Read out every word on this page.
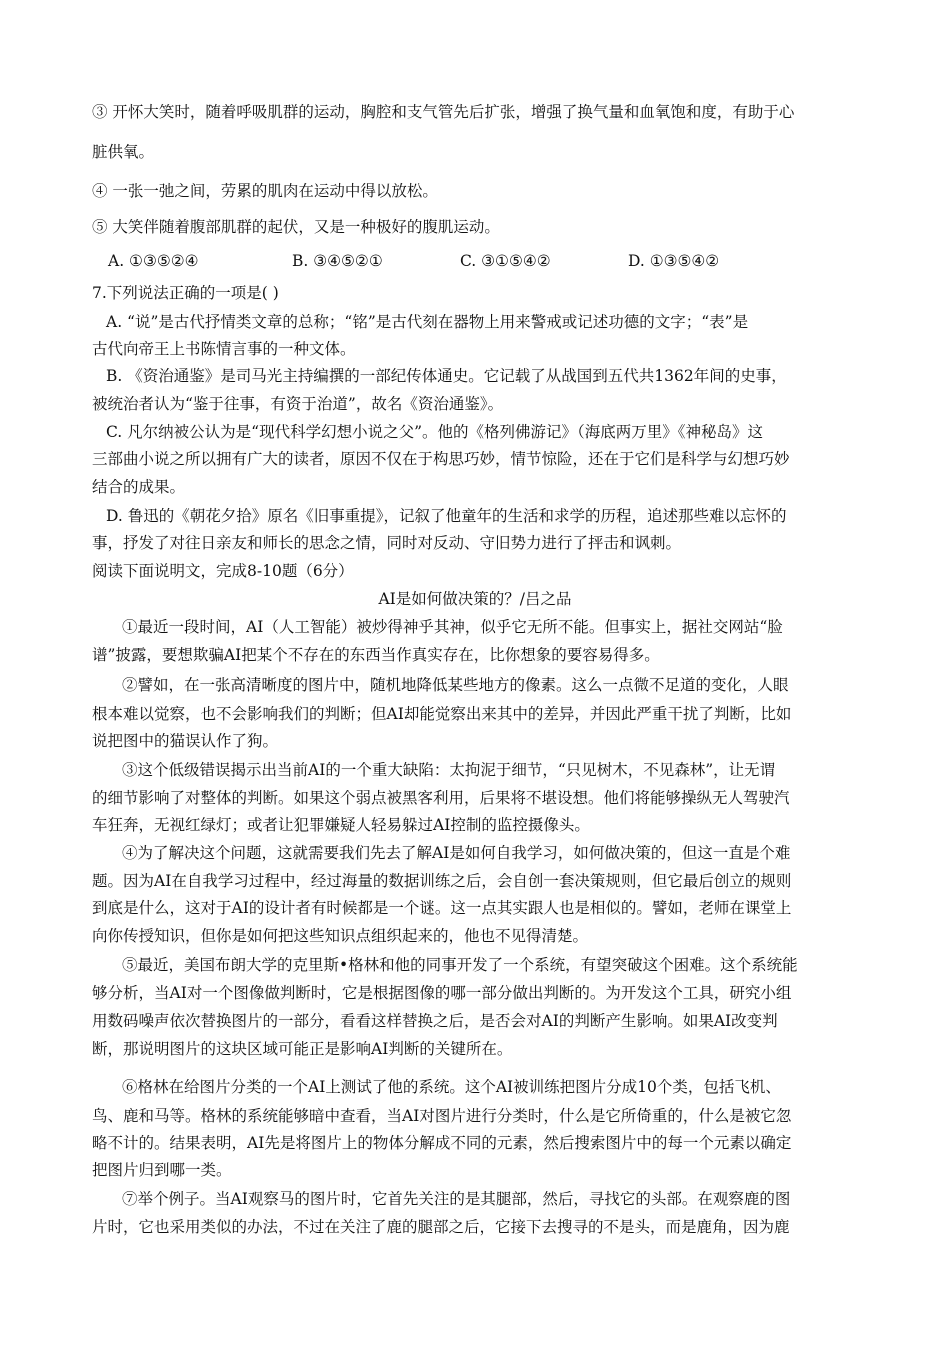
③ 开怀大笑时，随着呼吸肌群的运动，胸腔和支气管先后扩张，增强了换气量和血氧饱和度，有助于心
脏供氧。
④ 一张一弛之间，劳累的肌肉在运动中得以放松。
⑤ 大笑伴随着腹部肌群的起伏，又是一种极好的腹肌运动。
A. ①③⑤②④	B. ③④⑤②①	C. ③①⑤④②	D. ①③⑤④②
7.下列说法正确的一项是( )
A. “说”是古代抒情类文章的总称；“铭”是古代刻在器物上用来警戒或记述功德的文字；“表”是
古代向帝王上书陈情言事的一种文体。
B. 《资治通鉴》是司马光主持编撰的一部纪传体通史。它记载了从战国到五代共1362年间的史事，
被统治者认为“鉴于往事，有资于治道”，故名《资治通鉴》。
C. 凡尔纳被公认为是“现代科学幻想小说之父”。他的《格列佛游记》（海底两万里》《神秘岛》这
三部曲小说之所以拥有广大的读者，原因不仅在于构思巧妙，情节惊险，还在于它们是科学与幻想巧妙
结合的成果。
D. 鲁迅的《朝花夕拾》原名《旧事重提》，记叙了他童年的生活和求学的历程，追述那些难以忘怀的
事，抒发了对往日亲友和师长的思念之情，同时对反动、守旧势力进行了抨击和讽刺。
阅读下面说明文，完成8-10题（6分）
AI是如何做决策的？/吕之品
①最近一段时间，AI（人工智能）被炒得神乎其神，似乎它无所不能。但事实上，据社交网站“脸
谱”披露，要想欺骗AI把某个不存在的东西当作真实存在，比你想象的要容易得多。
②譬如，在一张高清晰度的图片中，随机地降低某些地方的像素。这么一点微不足道的变化，人眼
根本难以觉察，也不会影响我们的判断；但AI却能觉察出来其中的差异，并因此严重干扰了判断，比如
说把图中的猫误认作了狗。
③这个低级错误揭示出当前AI的一个重大缺陷：太拘泥于细节，“只见树木，不见森林”，让无谓
的细节影响了对整体的判断。如果这个弱点被黑客利用，后果将不堪设想。他们将能够操纵无人驾驶汽
车狂奔，无视红绿灯；或者让犯罪嫌疑人轻易躲过AI控制的监控摄像头。
④为了解决这个问题，这就需要我们先去了解AI是如何自我学习，如何做决策的，但这一直是个难
题。因为AI在自我学习过程中，经过海量的数据训练之后，会自创一套决策规则，但它最后创立的规则
到底是什么，这对于AI的设计者有时候都是一个谜。这一点其实跟人也是相似的。譬如，老师在课堂上
向你传授知识，但你是如何把这些知识点组织起来的，他也不见得清楚。
⑤最近，美国布朗大学的克里斯•格林和他的同事开发了一个系统，有望突破这个困难。这个系统能
够分析，当AI对一个图像做判断时，它是根据图像的哪一部分做出判断的。为开发这个工具，研究小组
用数码噪声依次替换图片的一部分，看看这样替换之后，是否会对AI的判断产生影响。如果AI改变判
断，那说明图片的这块区域可能正是影响AI判断的关键所在。
⑥格林在给图片分类的一个AI上测试了他的系统。这个AI被训练把图片分成10个类，包括飞机、
鸟、鹿和马等。格林的系统能够暗中查看，当AI对图片进行分类时，什么是它所倚重的，什么是被它忽
略不计的。结果表明，AI先是将图片上的物体分解成不同的元素，然后搜索图片中的每一个元素以确定
把图片归到哪一类。
⑦举个例子。当AI观察马的图片时，它首先关注的是其腿部，然后，寻找它的头部。在观察鹿的图
片时，它也采用类似的办法，不过在关注了鹿的腿部之后，它接下去搜寻的不是头，而是鹿角，因为鹿
